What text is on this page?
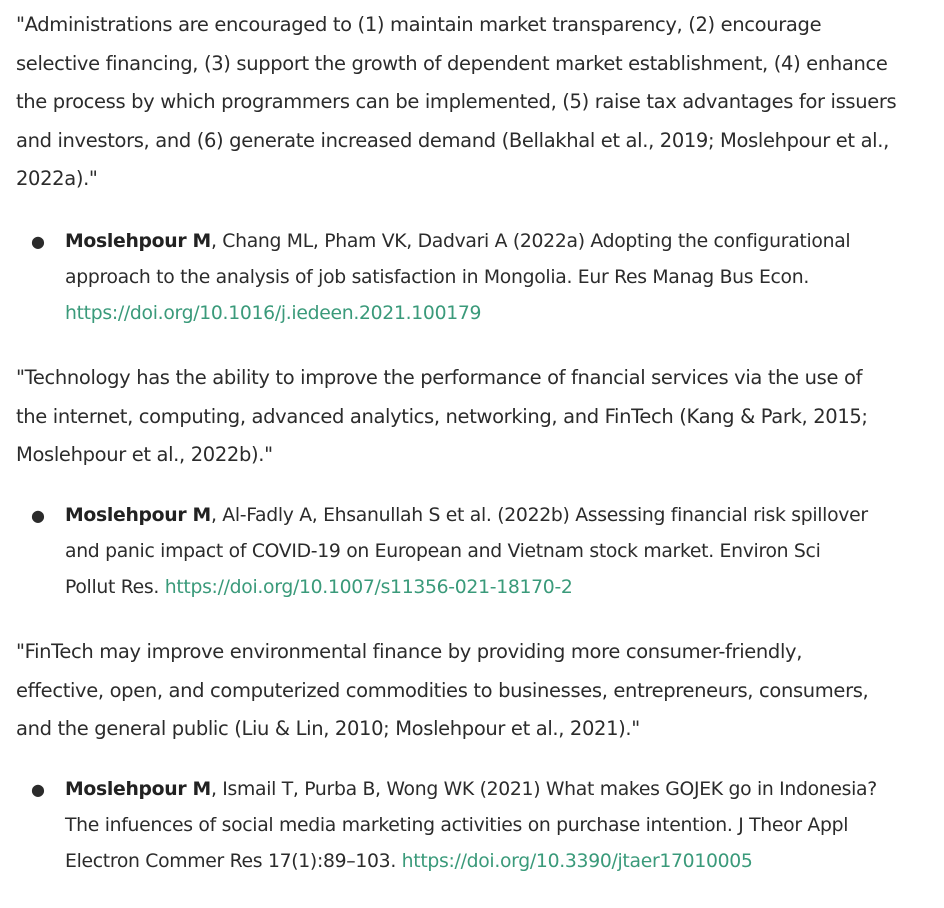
"Administrations are encouraged to (1) maintain market transparency, (2) encourage
selective financing, (3) support the growth of dependent market establishment, (4) enhance
the process by which programmers can be implemented, (5) raise tax advantages for issuers
and investors, and (6) generate increased demand (Bellakhal et al., 2019; Moslehpour et al.,
2022a)."

● Moslehpour M, Chang ML, Pham VK, Dadvari A (2022a) Adopting the configurational
approach to the analysis of job satisfaction in Mongolia. Eur Res Manag Bus Econ.
https://doi.org/10.1016/j.iedeen.2021.100179

"Technology has the ability to improve the performance of fnancial services via the use of
the internet, computing, advanced analytics, networking, and FinTech (Kang & Park, 2015;
Moslehpour et al., 2022b)."

● Moslehpour M, Al-Fadly A, Ehsanullah S et al. (2022b) Assessing financial risk spillover
and panic impact of COVID-19 on European and Vietnam stock market. Environ Sci
Pollut Res. https://doi.org/10.1007/s11356-021-18170-2

"FinTech may improve environmental finance by providing more consumer-friendly,
effective, open, and computerized commodities to businesses, entrepreneurs, consumers,
and the general public (Liu & Lin, 2010; Moslehpour et al., 2021)."

● Moslehpour M, Ismail T, Purba B, Wong WK (2021) What makes GOJEK go in Indonesia?
The infuences of social media marketing activities on purchase intention. J Theor Appl
Electron Commer Res 17(1):89–103. https://doi.org/10.3390/jtaer17010005
